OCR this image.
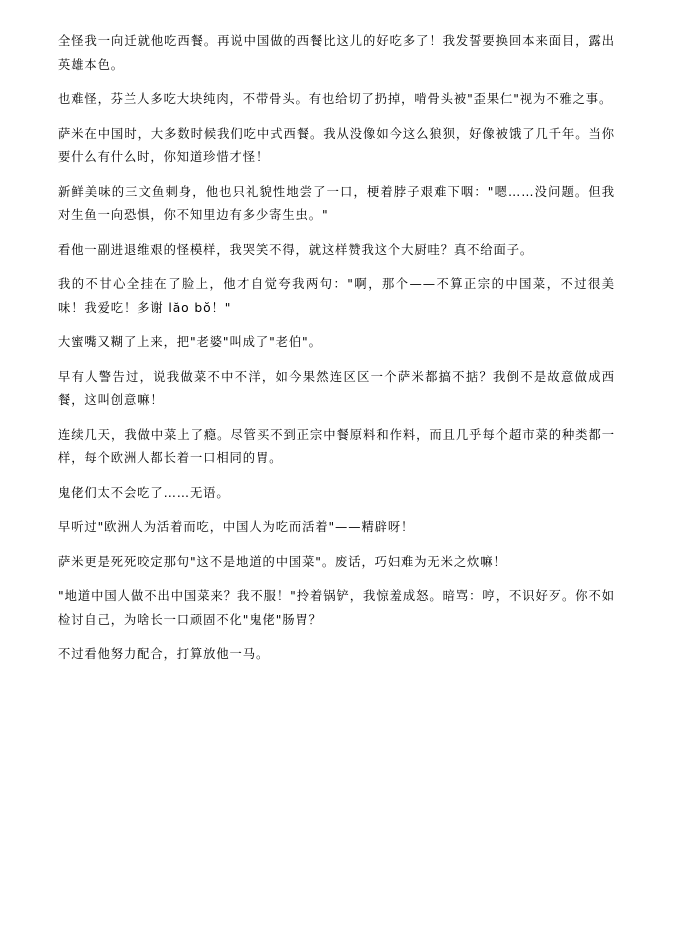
全怪我一向迁就他吃西餐。再说中国做的西餐比这儿的好吃多了！我发誓要换回本来面目，露出英雄本色。

也难怪，芬兰人多吃大块纯肉，不带骨头。有也给切了扔掉，啃骨头被"歪果仁"视为不雅之事。

萨米在中国时，大多数时候我们吃中式西餐。我从没像如今这么狼狈，好像被饿了几千年。当你要什么有什么时，你知道珍惜才怪！

新鲜美味的三文鱼刺身，他也只礼貌性地尝了一口，梗着脖子艰难下咽："嗯……没问题。但我对生鱼一向恐惧，你不知里边有多少寄生虫。"

看他一副进退维艰的怪模样，我哭笑不得，就这样赞我这个大厨哇？真不给面子。

我的不甘心全挂在了脸上，他才自觉夸我两句："啊，那个——不算正宗的中国菜，不过很美味！我爱吃！多谢 lăo bŏ！"

大蜜嘴又糊了上来，把"老婆"叫成了"老伯"。

早有人警告过，说我做菜不中不洋，如今果然连区区一个萨米都搞不掂？我倒不是故意做成西餐，这叫创意嘛！

连续几天，我做中菜上了瘾。尽管买不到正宗中餐原料和作料，而且几乎每个超市菜的种类都一样，每个欧洲人都长着一口相同的胃。

鬼佬们太不会吃了……无语。

早听过"欧洲人为活着而吃，中国人为吃而活着"——精辟呀！

萨米更是死死咬定那句"这不是地道的中国菜"。废话，巧妇难为无米之炊嘛！

"地道中国人做不出中国菜来？我不服！"拎着锅铲，我惊羞成怒。暗骂：哼，不识好歹。你不如检讨自己，为啥长一口顽固不化"鬼佬"肠胃？

不过看他努力配合，打算放他一马。
